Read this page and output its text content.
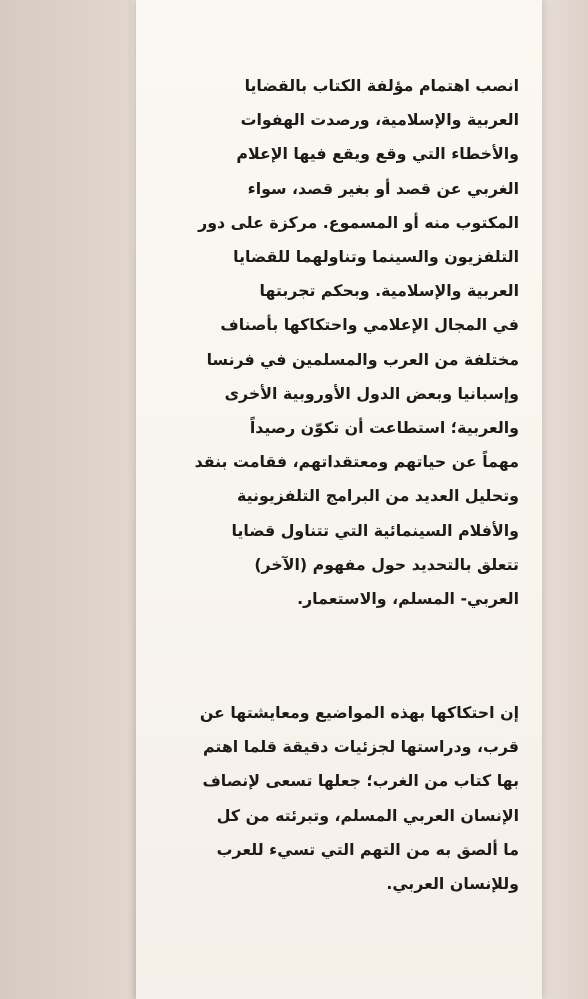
انصب اهتمام مؤلفة الكتاب بالقضايا
العربية والإسلامية، ورصدت الهفوات
والأخطاء التي وقع ويقع فيها الإعلام
الغربي عن قصد أو بغير قصد، سواء
المكتوب منه أو المسموع. مركزة على دور
التلفزيون والسينما وتناولهما للقضايا
العربية والإسلامية. وبحكم تجربتها
في المجال الإعلامي واحتكاكها بأصناف
مختلفة من العرب والمسلمين في فرنسا
وإسبانيا وبعض الدول الأوروبية الأخرى
والعربية؛ استطاعت أن تكوّن رصيداً
مهماً عن حياتهم ومعتقداتهم، فقامت بنقد
وتحليل العديد من البرامج التلفزيونية
والأفلام السينمائية التي تتناول قضايا
تتعلق بالتحديد حول مفهوم (الآخر)
العربي- المسلم، والاستعمار.
إن احتكاكها بهذه المواضيع ومعايشتها عن
قرب، ودراستها لجزئيات دقيقة قلما اهتم
بها كتاب من الغرب؛ جعلها تسعى لإنصاف
الإنسان العربي المسلم، وتبرئته من كل
ما ألصق به من التهم التي تسيء للعرب
وللإنسان العربي.
